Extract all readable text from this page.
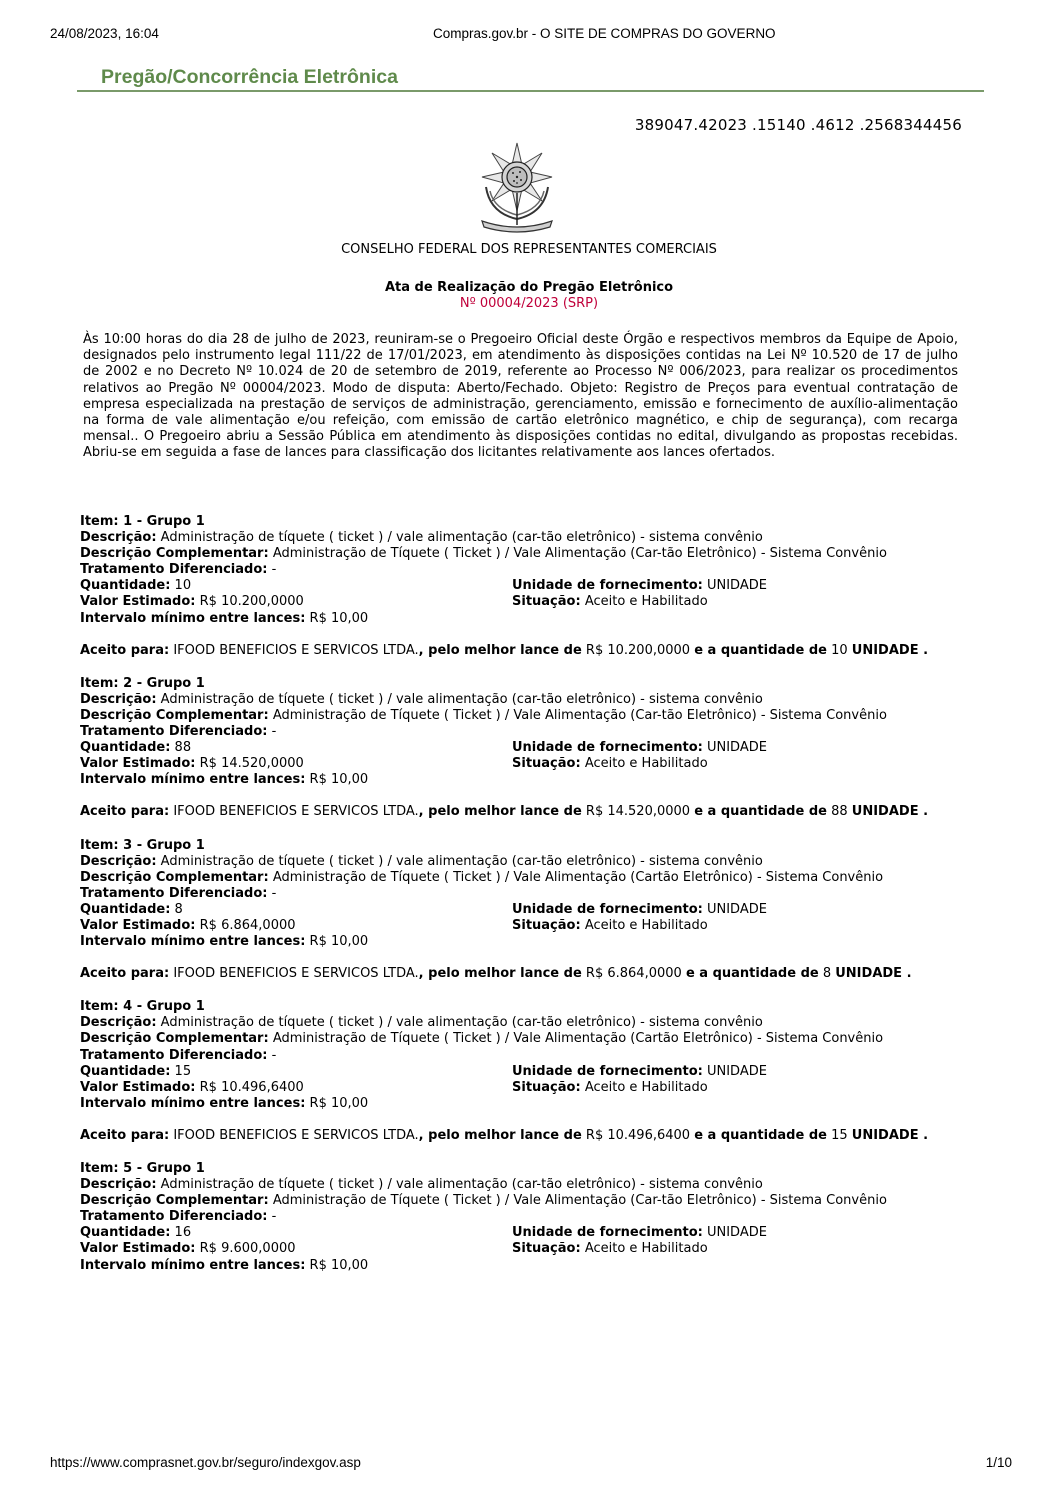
24/08/2023, 16:04	Compras.gov.br - O SITE DE COMPRAS DO GOVERNO
Pregão/Concorrência Eletrônica
389047.42023 .15140 .4612 .2568344456
CONSELHO FEDERAL DOS REPRESENTANTES COMERCIAIS
Ata de Realização do Pregão Eletrônico
Nº 00004/2023 (SRP)
Às 10:00 horas do dia 28 de julho de 2023, reuniram-se o Pregoeiro Oficial deste Órgão e respectivos membros da Equipe de Apoio, designados pelo instrumento legal 111/22 de 17/01/2023, em atendimento às disposições contidas na Lei Nº 10.520 de 17 de julho de 2002 e no Decreto Nº 10.024 de 20 de setembro de 2019, referente ao Processo Nº 006/2023, para realizar os procedimentos relativos ao Pregão Nº 00004/2023. Modo de disputa: Aberto/Fechado. Objeto: Registro de Preços para eventual contratação de empresa especializada na prestação de serviços de administração, gerenciamento, emissão e fornecimento de auxílio-alimentação na forma de vale alimentação e/ou refeição, com emissão de cartão eletrônico magnético, e chip de segurança), com recarga mensal.. O Pregoeiro abriu a Sessão Pública em atendimento às disposições contidas no edital, divulgando as propostas recebidas. Abriu-se em seguida a fase de lances para classificação dos licitantes relativamente aos lances ofertados.
Item: 1 - Grupo 1
Descrição: Administração de tíquete ( ticket ) / vale alimentação (car-tão eletrônico) - sistema convênio
Descrição Complementar: Administração de Tíquete ( Ticket ) / Vale Alimentação (Car-tão Eletrônico) - Sistema Convênio
Tratamento Diferenciado: -
Quantidade: 10	Unidade de fornecimento: UNIDADE
Valor Estimado: R$ 10.200,0000	Situação: Aceito e Habilitado
Intervalo mínimo entre lances: R$ 10,00
Aceito para: IFOOD BENEFICIOS E SERVICOS LTDA., pelo melhor lance de R$ 10.200,0000 e a quantidade de 10 UNIDADE .
Item: 2 - Grupo 1
Descrição: Administração de tíquete ( ticket ) / vale alimentação (car-tão eletrônico) - sistema convênio
Descrição Complementar: Administração de Tíquete ( Ticket ) / Vale Alimentação (Car-tão Eletrônico) - Sistema Convênio
Tratamento Diferenciado: -
Quantidade: 88	Unidade de fornecimento: UNIDADE
Valor Estimado: R$ 14.520,0000	Situação: Aceito e Habilitado
Intervalo mínimo entre lances: R$ 10,00
Aceito para: IFOOD BENEFICIOS E SERVICOS LTDA., pelo melhor lance de R$ 14.520,0000 e a quantidade de 88 UNIDADE .
Item: 3 - Grupo 1
Descrição: Administração de tíquete ( ticket ) / vale alimentação (car-tão eletrônico) - sistema convênio
Descrição Complementar: Administração de Tíquete ( Ticket ) / Vale Alimentação (Cartão Eletrônico) - Sistema Convênio
Tratamento Diferenciado: -
Quantidade: 8	Unidade de fornecimento: UNIDADE
Valor Estimado: R$ 6.864,0000	Situação: Aceito e Habilitado
Intervalo mínimo entre lances: R$ 10,00
Aceito para: IFOOD BENEFICIOS E SERVICOS LTDA., pelo melhor lance de R$ 6.864,0000 e a quantidade de 8 UNIDADE .
Item: 4 - Grupo 1
Descrição: Administração de tíquete ( ticket ) / vale alimentação (car-tão eletrônico) - sistema convênio
Descrição Complementar: Administração de Tíquete ( Ticket ) / Vale Alimentação (Cartão Eletrônico) - Sistema Convênio
Tratamento Diferenciado: -
Quantidade: 15	Unidade de fornecimento: UNIDADE
Valor Estimado: R$ 10.496,6400	Situação: Aceito e Habilitado
Intervalo mínimo entre lances: R$ 10,00
Aceito para: IFOOD BENEFICIOS E SERVICOS LTDA., pelo melhor lance de R$ 10.496,6400 e a quantidade de 15 UNIDADE .
Item: 5 - Grupo 1
Descrição: Administração de tíquete ( ticket ) / vale alimentação (car-tão eletrônico) - sistema convênio
Descrição Complementar: Administração de Tíquete ( Ticket ) / Vale Alimentação (Car-tão Eletrônico) - Sistema Convênio
Tratamento Diferenciado: -
Quantidade: 16	Unidade de fornecimento: UNIDADE
Valor Estimado: R$ 9.600,0000	Situação: Aceito e Habilitado
Intervalo mínimo entre lances: R$ 10,00
https://www.comprasnet.gov.br/seguro/indexgov.asp	1/10
